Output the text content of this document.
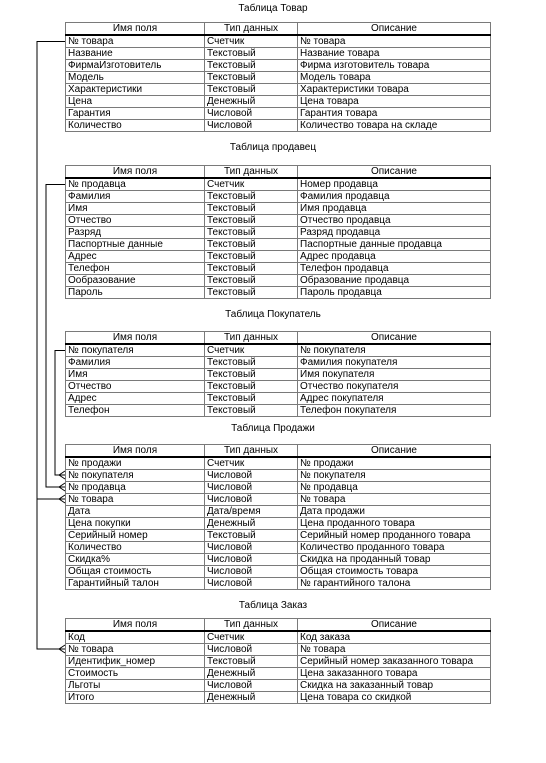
Таблица Товар
Имя поля	Тип данных	Описание
№ товара	Счетчик	№ товара
Название	Текстовый	Название товара
ФирмаИзготовитель	Текстовый	Фирма изготовитель товара
Модель	Текстовый	Модель товара
Характеристики	Текстовый	Характеристики товара
Цена	Денежный	Цена товара
Гарантия	Числовой	Гарантия товара
Количество	Числовой	Количество товара на складе
Таблица продавец
Имя поля	Тип данных	Описание
№ продавца	Счетчик	Номер продавца
Фамилия	Текстовый	Фамилия продавца
Имя	Текстовый	Имя продавца
Отчество	Текстовый	Отчество продавца
Разряд	Текстовый	Разряд продавца
Паспортные данные	Текстовый	Паспортные данные продавца
Адрес	Текстовый	Адрес продавца
Телефон	Текстовый	Телефон продавца
Ообразование	Текстовый	Образование продавца
Пароль	Текстовый	Пароль продавца
Таблица Покупатель
Имя поля	Тип данных	Описание
№ покупателя	Счетчик	№ покупателя
Фамилия	Текстовый	Фамилия покупателя
Имя	Текстовый	Имя покупателя
Отчество	Текстовый	Отчество покупателя
Адрес	Текстовый	Адрес покупателя
Телефон	Текстовый	Телефон покупателя
Таблица Продажи
Имя поля	Тип данных	Описание
№ продажи	Счетчик	№ продажи
№ покупателя	Числовой	№ покупателя
№ продавца	Числовой	№ продавца
№ товара	Числовой	№ товара
Дата	Дата/время	Дата продажи
Цена покупки	Денежный	Цена проданного товара
Серийный номер	Текстовый	Серийный номер проданного товара
Количество	Числовой	Количество проданного товара
Скидка%	Числовой	Скидка на проданный товар
Общая стоимость	Числовой	Общая стоимость товара
Гарантийный талон	Числовой	№ гарантийного талона
Таблица Заказ
Имя поля	Тип данных	Описание
Код	Счетчик	Код заказа
№ товара	Числовой	№ товара
Идентифик_номер	Текстовый	Серийный номер заказанного товара
Стоимость	Денежный	Цена заказанного товара
Льготы	Числовой	Скидка на заказанный товар
Итого	Денежный	Цена товара со скидкой
